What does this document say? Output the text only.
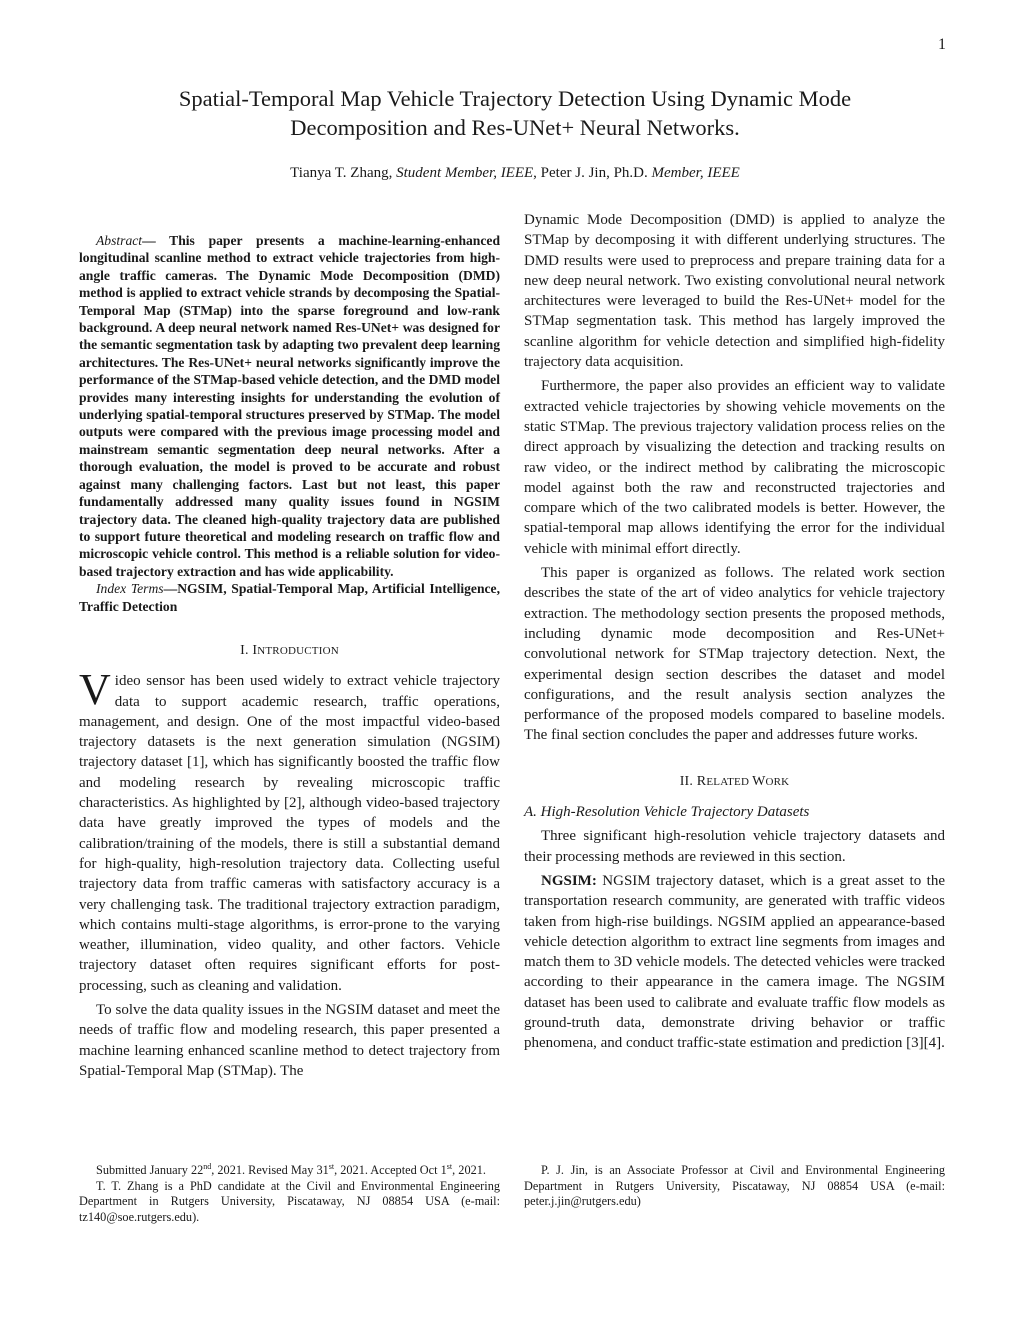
1
Spatial-Temporal Map Vehicle Trajectory Detection Using Dynamic Mode
Decomposition and Res-UNet+ Neural Networks.
Tianya T. Zhang, Student Member, IEEE, Peter J. Jin, Ph.D. Member, IEEE

Abstract— This paper presents a machine-learning-enhanced longitudinal scanline method to extract vehicle trajectories from high-angle traffic cameras. The Dynamic Mode Decomposition (DMD) method is applied to extract vehicle strands by decomposing the Spatial-Temporal Map (STMap) into the sparse foreground and low-rank background. A deep neural network named Res-UNet+ was designed for the semantic segmentation task by adapting two prevalent deep learning architectures. The Res-UNet+ neural networks significantly improve the performance of the STMap-based vehicle detection, and the DMD model provides many interesting insights for understanding the evolution of underlying spatial-temporal structures preserved by STMap. The model outputs were compared with the previous image processing model and mainstream semantic segmentation deep neural networks. After a thorough evaluation, the model is proved to be accurate and robust against many challenging factors. Last but not least, this paper fundamentally addressed many quality issues found in NGSIM trajectory data. The cleaned high-quality trajectory data are published to support future theoretical and modeling research on traffic flow and microscopic vehicle control. This method is a reliable solution for video-based trajectory extraction and has wide applicability.

Index Terms—NGSIM, Spatial-Temporal Map, Artificial Intelligence, Traffic Detection

I. INTRODUCTION

Video sensor has been used widely to extract vehicle trajectory data to support academic research, traffic operations, management, and design. One of the most impactful video-based trajectory datasets is the next generation simulation (NGSIM) trajectory dataset [1], which has significantly boosted the traffic flow and modeling research by revealing microscopic traffic characteristics. As highlighted by [2], although video-based trajectory data have greatly improved the types of models and the calibration/training of the models, there is still a substantial demand for high-quality, high-resolution trajectory data. Collecting useful trajectory data from traffic cameras with satisfactory accuracy is a very challenging task. The traditional trajectory extraction paradigm, which contains multi-stage algorithms, is error-prone to the varying weather, illumination, video quality, and other factors. Vehicle trajectory dataset often requires significant efforts for post-processing, such as cleaning and validation.

To solve the data quality issues in the NGSIM dataset and meet the needs of traffic flow and modeling research, this paper presented a machine learning enhanced scanline method to detect trajectory from Spatial-Temporal Map (STMap). The

Dynamic Mode Decomposition (DMD) is applied to analyze the STMap by decomposing it with different underlying structures. The DMD results were used to preprocess and prepare training data for a new deep neural network. Two existing convolutional neural network architectures were leveraged to build the Res-UNet+ model for the STMap segmentation task. This method has largely improved the scanline algorithm for vehicle detection and simplified high-fidelity trajectory data acquisition.

Furthermore, the paper also provides an efficient way to validate extracted vehicle trajectories by showing vehicle movements on the static STMap. The previous trajectory validation process relies on the direct approach by visualizing the detection and tracking results on raw video, or the indirect method by calibrating the microscopic model against both the raw and reconstructed trajectories and compare which of the two calibrated models is better. However, the spatial-temporal map allows identifying the error for the individual vehicle with minimal effort directly.

This paper is organized as follows. The related work section describes the state of the art of video analytics for vehicle trajectory extraction. The methodology section presents the proposed methods, including dynamic mode decomposition and Res-UNet+ convolutional network for STMap trajectory detection. Next, the experimental design section describes the dataset and model configurations, and the result analysis section analyzes the performance of the proposed models compared to baseline models. The final section concludes the paper and addresses future works.

II. RELATED WORK

A. High-Resolution Vehicle Trajectory Datasets

Three significant high-resolution vehicle trajectory datasets and their processing methods are reviewed in this section.

NGSIM: NGSIM trajectory dataset, which is a great asset to the transportation research community, are generated with traffic videos taken from high-rise buildings. NGSIM applied an appearance-based vehicle detection algorithm to extract line segments from images and match them to 3D vehicle models. The detected vehicles were tracked according to their appearance in the camera image. The NGSIM dataset has been used to calibrate and evaluate traffic flow models as ground-truth data, demonstrate driving behavior or traffic phenomena, and conduct traffic-state estimation and prediction [3][4].

Submitted January 22nd, 2021. Revised May 31st, 2021. Accepted Oct 1st, 2021.

T. T. Zhang is a PhD candidate at the Civil and Environmental Engineering Department in Rutgers University, Piscataway, NJ 08854 USA (e-mail: tz140@soe.rutgers.edu).

P. J. Jin, is an Associate Professor at Civil and Environmental Engineering Department in Rutgers University, Piscataway, NJ 08854 USA (e-mail: peter.j.jin@rutgers.edu)
